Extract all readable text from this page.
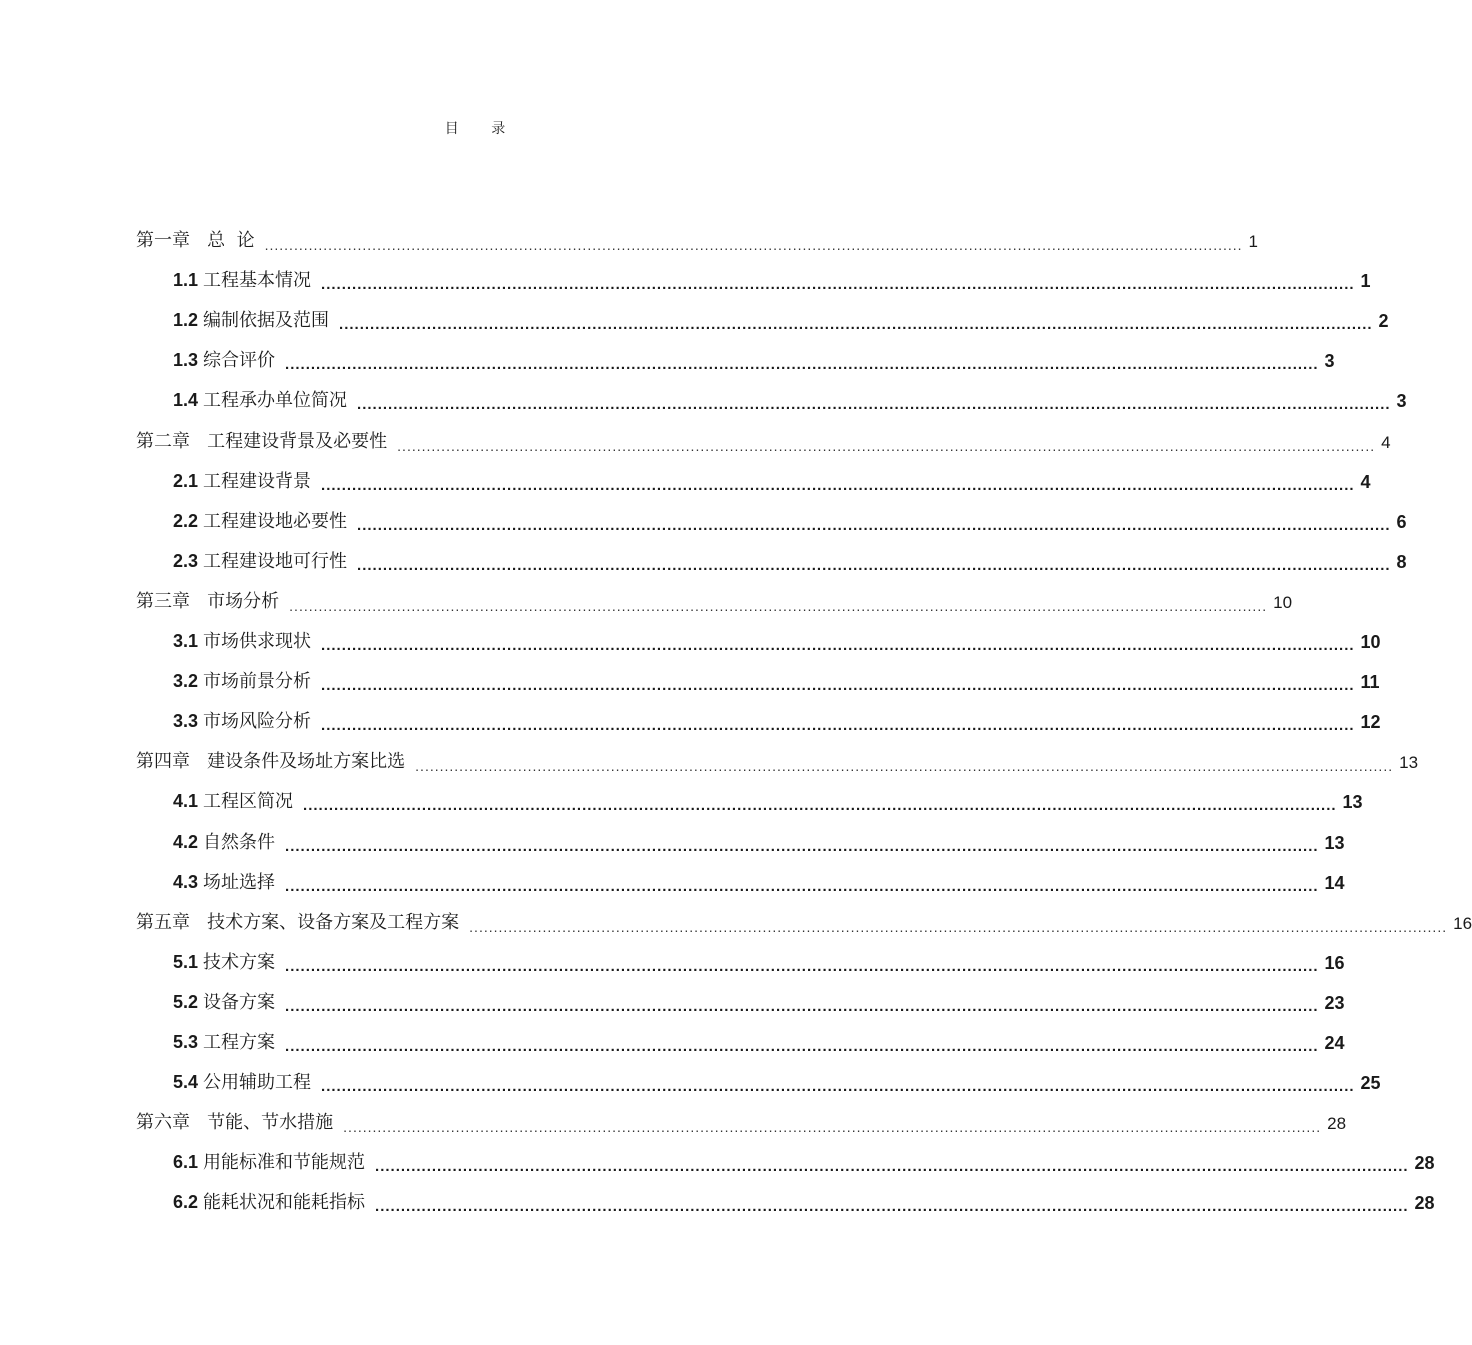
目 录
第一章   总  论 ........................................................................................................................................................................................................ 1
1.1 工程基本情况 ........................................................................................................................................................................................................ 1
1.2 编制依据及范围 ........................................................................................................................................................................................................ 2
1.3 综合评价 ........................................................................................................................................................................................................ 3
1.4 工程承办单位简况 ........................................................................................................................................................................................................ 3
第二章   工程建设背景及必要性 ........................................................................................................................................................................................................ 4
2.1 工程建设背景 ........................................................................................................................................................................................................ 4
2.2 工程建设地必要性 ........................................................................................................................................................................................................ 6
2.3 工程建设地可行性 ........................................................................................................................................................................................................ 8
第三章   市场分析 ........................................................................................................................................................................................................ 10
3.1 市场供求现状 ........................................................................................................................................................................................................ 10
3.2 市场前景分析 ........................................................................................................................................................................................................ 11
3.3 市场风险分析 ........................................................................................................................................................................................................ 12
第四章   建设条件及场址方案比选 ........................................................................................................................................................................................................ 13
4.1 工程区简况 ........................................................................................................................................................................................................ 13
4.2 自然条件 ........................................................................................................................................................................................................ 13
4.3 场址选择 ........................................................................................................................................................................................................ 14
第五章   技术方案、设备方案及工程方案 ........................................................................................................................................................................................................ 16
5.1 技术方案 ........................................................................................................................................................................................................ 16
5.2 设备方案 ........................................................................................................................................................................................................ 23
5.3 工程方案 ........................................................................................................................................................................................................ 24
5.4 公用辅助工程 ........................................................................................................................................................................................................ 25
第六章   节能、节水措施 ........................................................................................................................................................................................................ 28
6.1 用能标准和节能规范 ........................................................................................................................................................................................................ 28
6.2 能耗状况和能耗指标 ........................................................................................................................................................................................................ 28
